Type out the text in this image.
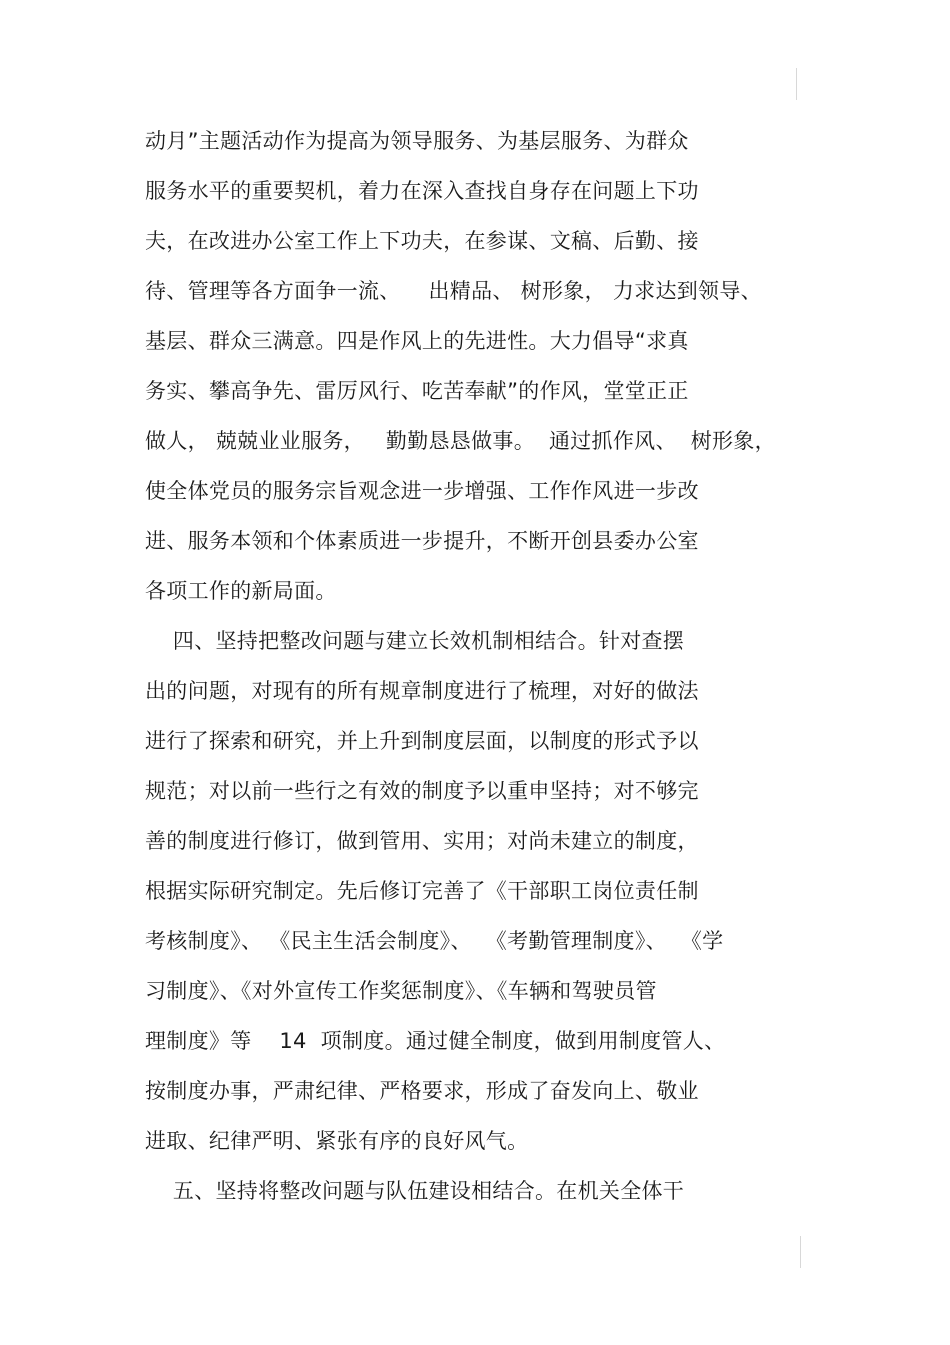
动月”主题活动作为提高为领导服务、为基层服务、为群众
服务水平的重要契机，着力在深入查找自身存在问题上下功
夫，在改进办公室工作上下功夫，在参谋、文稿、后勤、接
待、管理等各方面争一流、    出精品、 树形象， 力求达到领导、
基层、群众三满意。四是作风上的先进性。大力倡导“求真
务实、攀高争先、雷厉风行、吃苦奉献”的作风，堂堂正正
做人， 兢兢业业服务，   勤勤恳恳做事。  通过抓作风、  树形象，
使全体党员的服务宗旨观念进一步增强、工作作风进一步改
进、服务本领和个体素质进一步提升，不断开创县委办公室
各项工作的新局面。
四、坚持把整改问题与建立长效机制相结合。针对查摆
出的问题，对现有的所有规章制度进行了梳理，对好的做法
进行了探索和研究，并上升到制度层面，以制度的形式予以
规范；对以前一些行之有效的制度予以重申坚持；对不够完
善的制度进行修订，做到管用、实用；对尚未建立的制度，
根据实际研究制定。先后修订完善了《干部职工岗位责任制
考核制度》、 《民主生活会制度》、  《考勤管理制度》、  《学
习制度》、《对外宣传工作奖惩制度》、《车辆和驾驶员管
理制度》等    14  项制度。通过健全制度，做到用制度管人、
按制度办事，严肃纪律、严格要求，形成了奋发向上、敬业
进取、纪律严明、紧张有序的良好风气。
五、坚持将整改问题与队伍建设相结合。在机关全体干
